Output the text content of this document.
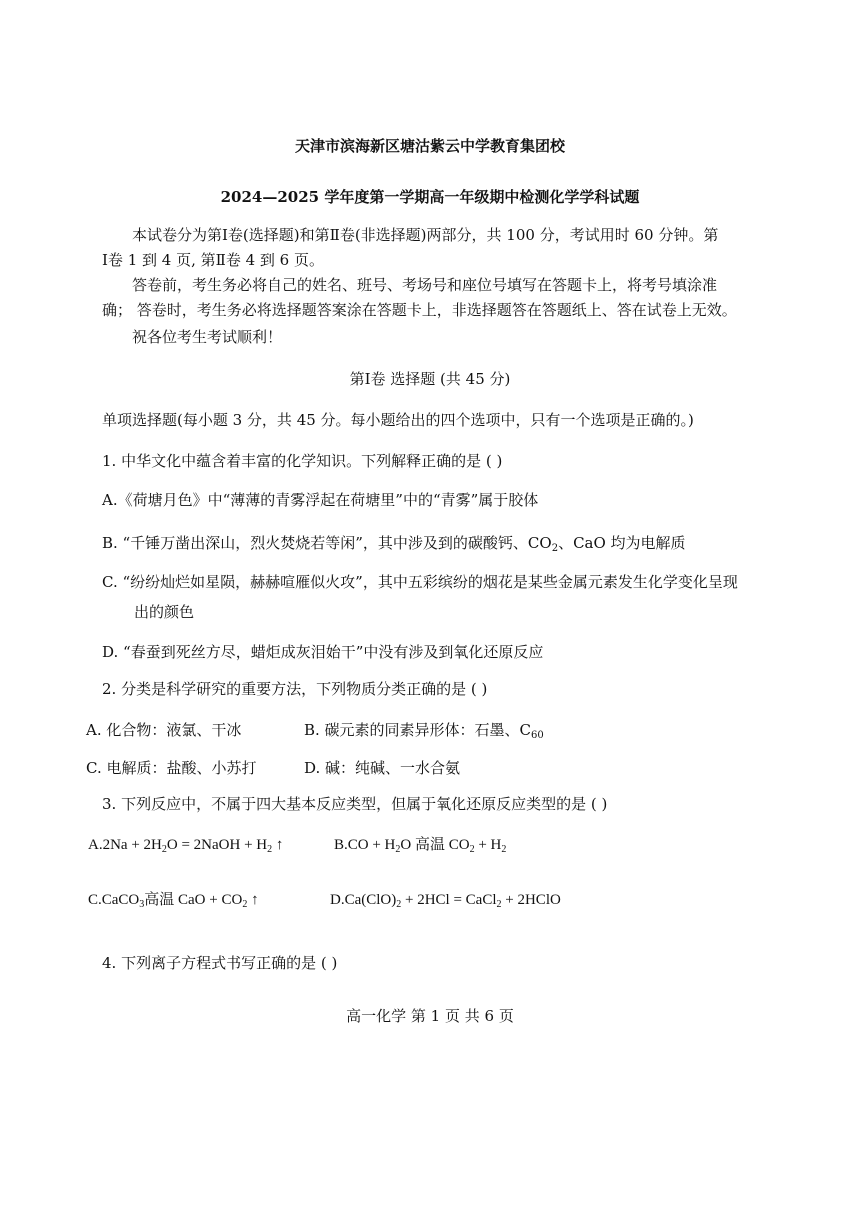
天津市滨海新区塘沽紫云中学教育集团校
2024—2025 学年度第一学期高一年级期中检测化学学科试题
本试卷分为第Ⅰ卷(选择题)和第Ⅱ卷(非选择题)两部分，共 100 分，考试用时 60 分钟。第
Ⅰ卷 1 到 4 页, 第Ⅱ卷 4 到 6 页。
答卷前，考生务必将自己的姓名、班号、考场号和座位号填写在答题卡上，将考号填涂准
确； 答卷时，考生务必将选择题答案涂在答题卡上，非选择题答在答题纸上、答在试卷上无效。
祝各位考生考试顺利！
第Ⅰ卷 选择题 (共 45 分)
单项选择题(每小题 3 分，共 45 分。每小题给出的四个选项中，只有一个选项是正确的。)
1. 中华文化中蕴含着丰富的化学知识。下列解释正确的是 ( )
A.《荷塘月色》中“薄薄的青雾浮起在荷塘里”中的“青雾”属于胶体
B. “千锤万凿出深山，烈火焚烧若等闲”，其中涉及到的碳酸钙、$CO_2$、CaO 均为电解质
C. “纷纷灿烂如星陨，赫赫喧雁似火攻”，其中五彩缤纷的烟花是某些金属元素发生化学变化呈现
出的颜色
D. “春蚕到死丝方尽，蜡炬成灰泪始干”中没有涉及到氧化还原反应
2. 分类是科学研究的重要方法，下列物质分类正确的是 ( )
A. 化合物：液氯、干冰	B. 碳元素的同素异形体：石墨、$C_{60}$
C. 电解质：盐酸、小苏打	D. 碱：纯碱、一水合氨
3. 下列反应中，不属于四大基本反应类型，但属于氧化还原反应类型的是 ( )
$A.2Na + 2H_2O$ = 2NaOH + $H_2$ ↑	$B.CO + H_2O$ 高温 $CO_2 + H_2$
C.CaCO$_3$高温 CaO + $CO_2$ ↑	$D.Ca(ClO)_2 + 2HCl$ = CaCl$_2$ + 2HClO
4. 下列离子方程式书写正确的是 ( )
高一化学 第 1 页 共 6 页
